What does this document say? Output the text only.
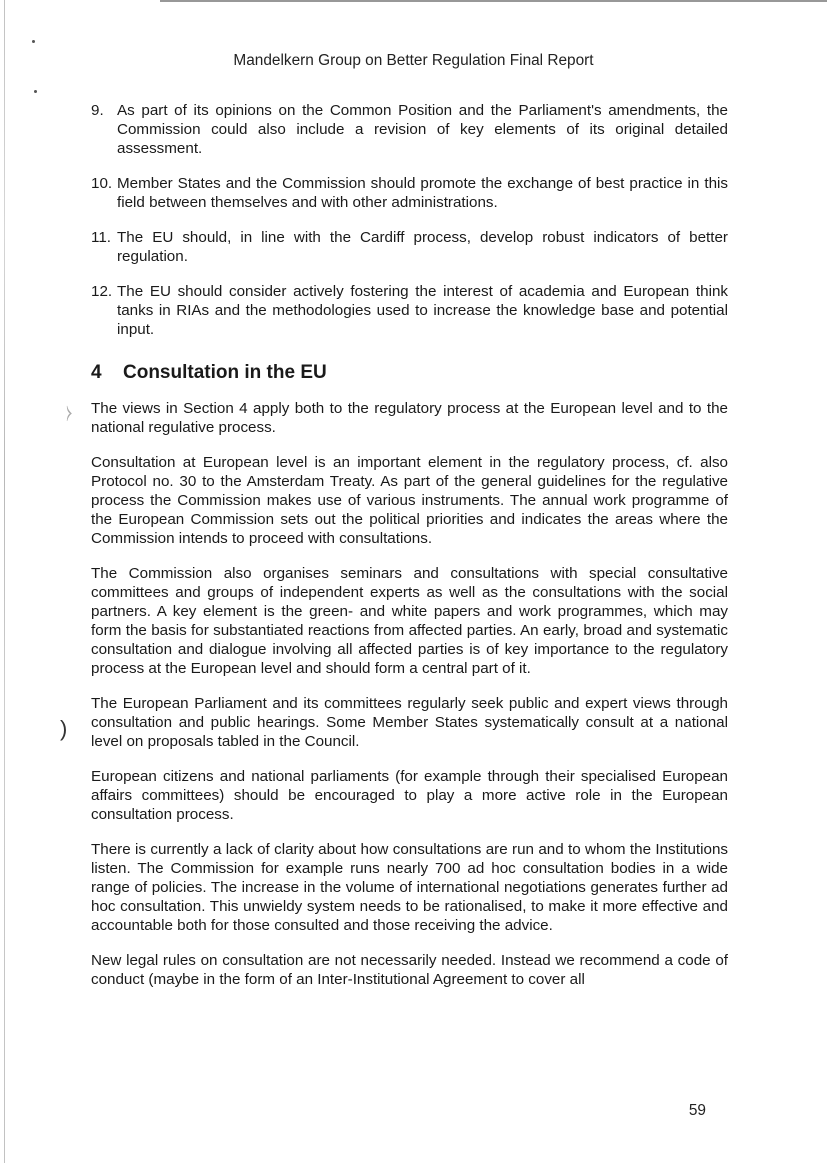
⧽
)
Mandelkern Group on Better Regulation Final Report
9. As part of its opinions on the Common Position and the Parliament's amendments, the Commission could also include a revision of key elements of its original detailed assessment.
10. Member States and the Commission should promote the exchange of best practice in this field between themselves and with other administrations.
11. The EU should, in line with the Cardiff process, develop robust indicators of better regulation.
12. The EU should consider actively fostering the interest of academia and European think tanks in RIAs and the methodologies used to increase the knowledge base and potential input.
4	Consultation in the EU

The views in Section 4 apply both to the regulatory process at the European level and to the national regulative process.

Consultation at European level is an important element in the regulatory process, cf. also Protocol no. 30 to the Amsterdam Treaty. As part of the general guidelines for the regulative process the Commission makes use of various instruments. The annual work programme of the European Commission sets out the political priorities and indicates the areas where the Commission intends to proceed with consultations.

The Commission also organises seminars and consultations with special consultative committees and groups of independent experts as well as the consultations with the social partners. A key element is the green- and white papers and work programmes, which may form the basis for substantiated reactions from affected parties. An early, broad and systematic consultation and dialogue involving all affected parties is of key importance to the regulatory process at the European level and should form a central part of it.

The European Parliament and its committees regularly seek public and expert views through consultation and public hearings. Some Member States systematically consult at a national level on proposals tabled in the Council.

European citizens and national parliaments (for example through their specialised European affairs committees) should be encouraged to play a more active role in the European consultation process.

There is currently a lack of clarity about how consultations are run and to whom the Institutions listen. The Commission for example runs nearly 700 ad hoc consultation bodies in a wide range of policies. The increase in the volume of international negotiations generates further ad hoc consultation. This unwieldy system needs to be rationalised, to make it more effective and accountable both for those consulted and those receiving the advice.

New legal rules on consultation are not necessarily needed. Instead we recommend a code of conduct (maybe in the form of an Inter-Institutional Agreement to cover all

59
